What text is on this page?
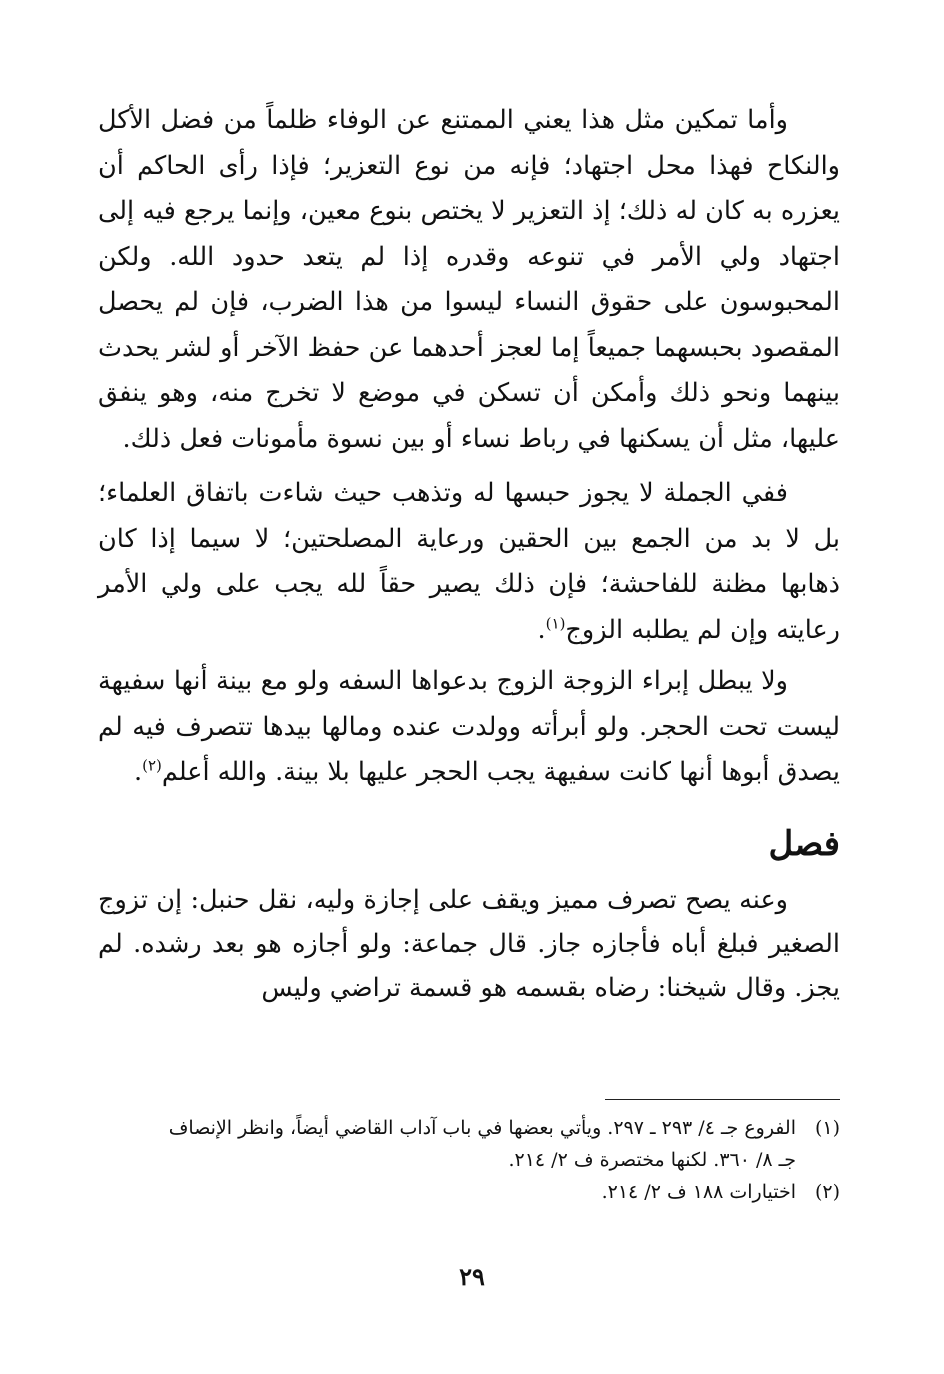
وأما تمكين مثل هذا يعني الممتنع عن الوفاء ظلماً من فضل الأكل والنكاح فهذا محل اجتهاد؛ فإنه من نوع التعزير؛ فإذا رأى الحاكم أن يعزره به كان له ذلك؛ إذ التعزير لا يختص بنوع معين، وإنما يرجع فيه إلى اجتهاد ولي الأمر في تنوعه وقدره إذا لم يتعد حدود الله. ولكن المحبوسون على حقوق النساء ليسوا من هذا الضرب، فإن لم يحصل المقصود بحبسهما جميعاً إما لعجز أحدهما عن حفظ الآخر أو لشر يحدث بينهما ونحو ذلك وأمكن أن تسكن في موضع لا تخرج منه، وهو ينفق عليها، مثل أن يسكنها في رباط نساء أو بين نسوة مأمونات فعل ذلك.

ففي الجملة لا يجوز حبسها له وتذهب حيث شاءت باتفاق العلماء؛ بل لا بد من الجمع بين الحقين ورعاية المصلحتين؛ لا سيما إذا كان ذهابها مظنة للفاحشة؛ فإن ذلك يصير حقاً لله يجب على ولي الأمر رعايته وإن لم يطلبه الزوج$^{(١)}$.

ولا يبطل إبراء الزوجة الزوج بدعواها السفه ولو مع بينة أنها سفيهة ليست تحت الحجر. ولو أبرأته وولدت عنده ومالها بيدها تتصرف فيه لم يصدق أبوها أنها كانت سفيهة يجب الحجر عليها بلا بينة. والله أعلم$^{(٢)}$.

فصل

وعنه يصح تصرف مميز ويقف على إجازة وليه، نقل حنبل: إن تزوج الصغير فبلغ أباه فأجازه جاز. قال جماعة: ولو أجازه هو بعد رشده. لم يجز. وقال شيخنا: رضاه بقسمه هو قسمة تراضي وليس

(١)الفروع جـ ٤/ ٢٩٣ ـ ٢٩٧. ويأتي بعضها في باب آداب القاضي أيضاً، وانظر الإنصاف

جـ ٨/ ٣٦٠. لكنها مختصرة ف ٢/ ٢١٤.

(٢)اختيارات ١٨٨ ف ٢/ ٢١٤.

٢٩
